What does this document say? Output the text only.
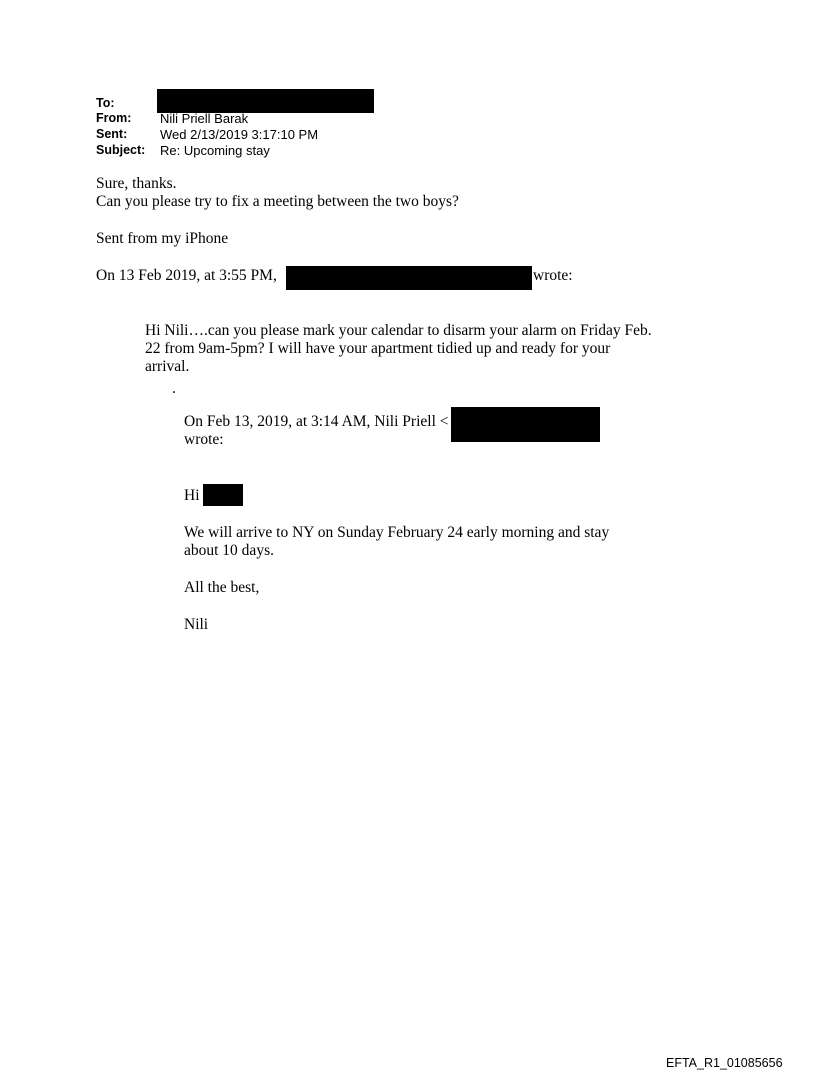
To:
From: Nili Priell Barak
Sent:	Wed 2/13/2019 3:17:10 PM
Subject: Re: Upcoming stay
Sure, thanks.
Can you please try to fix a meeting between the two boys?
Sent from my iPhone
On 13 Feb 2019, at 3:55 PM,	wrote:
Hi Nili….can you please mark your calendar to disarm your alarm on Friday Feb.
22 from 9am-5pm? I will have your apartment tidied up and ready for your
arrival.
.
On Feb 13, 2019, at 3:14 AM, Nili Priell <
wrote:
Hi
We will arrive to NY on Sunday February 24 early morning and stay
about 10 days.
All the best,
Nili
EFTA_R1_01085656
